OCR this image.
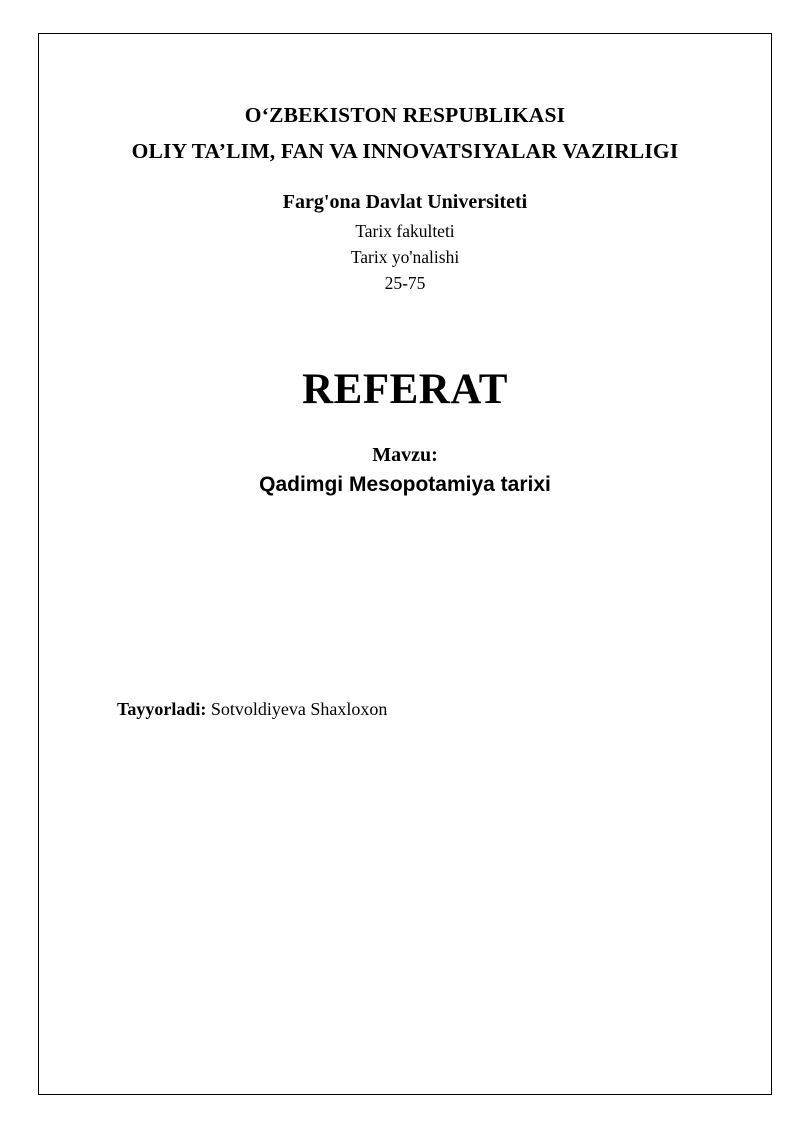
O‘ZBEKISTON RESPUBLIKASI
OLIY TA’LIM, FAN VA INNOVATSIYALAR VAZIRLIGI
Farg'ona Davlat Universiteti
Tarix fakulteti
Tarix yo'nalishi
25-75
REFERAT
Mavzu:
Qadimgi Mesopotamiya tarixi
Tayyorladi: Sotvoldiyeva Shaxloxon
